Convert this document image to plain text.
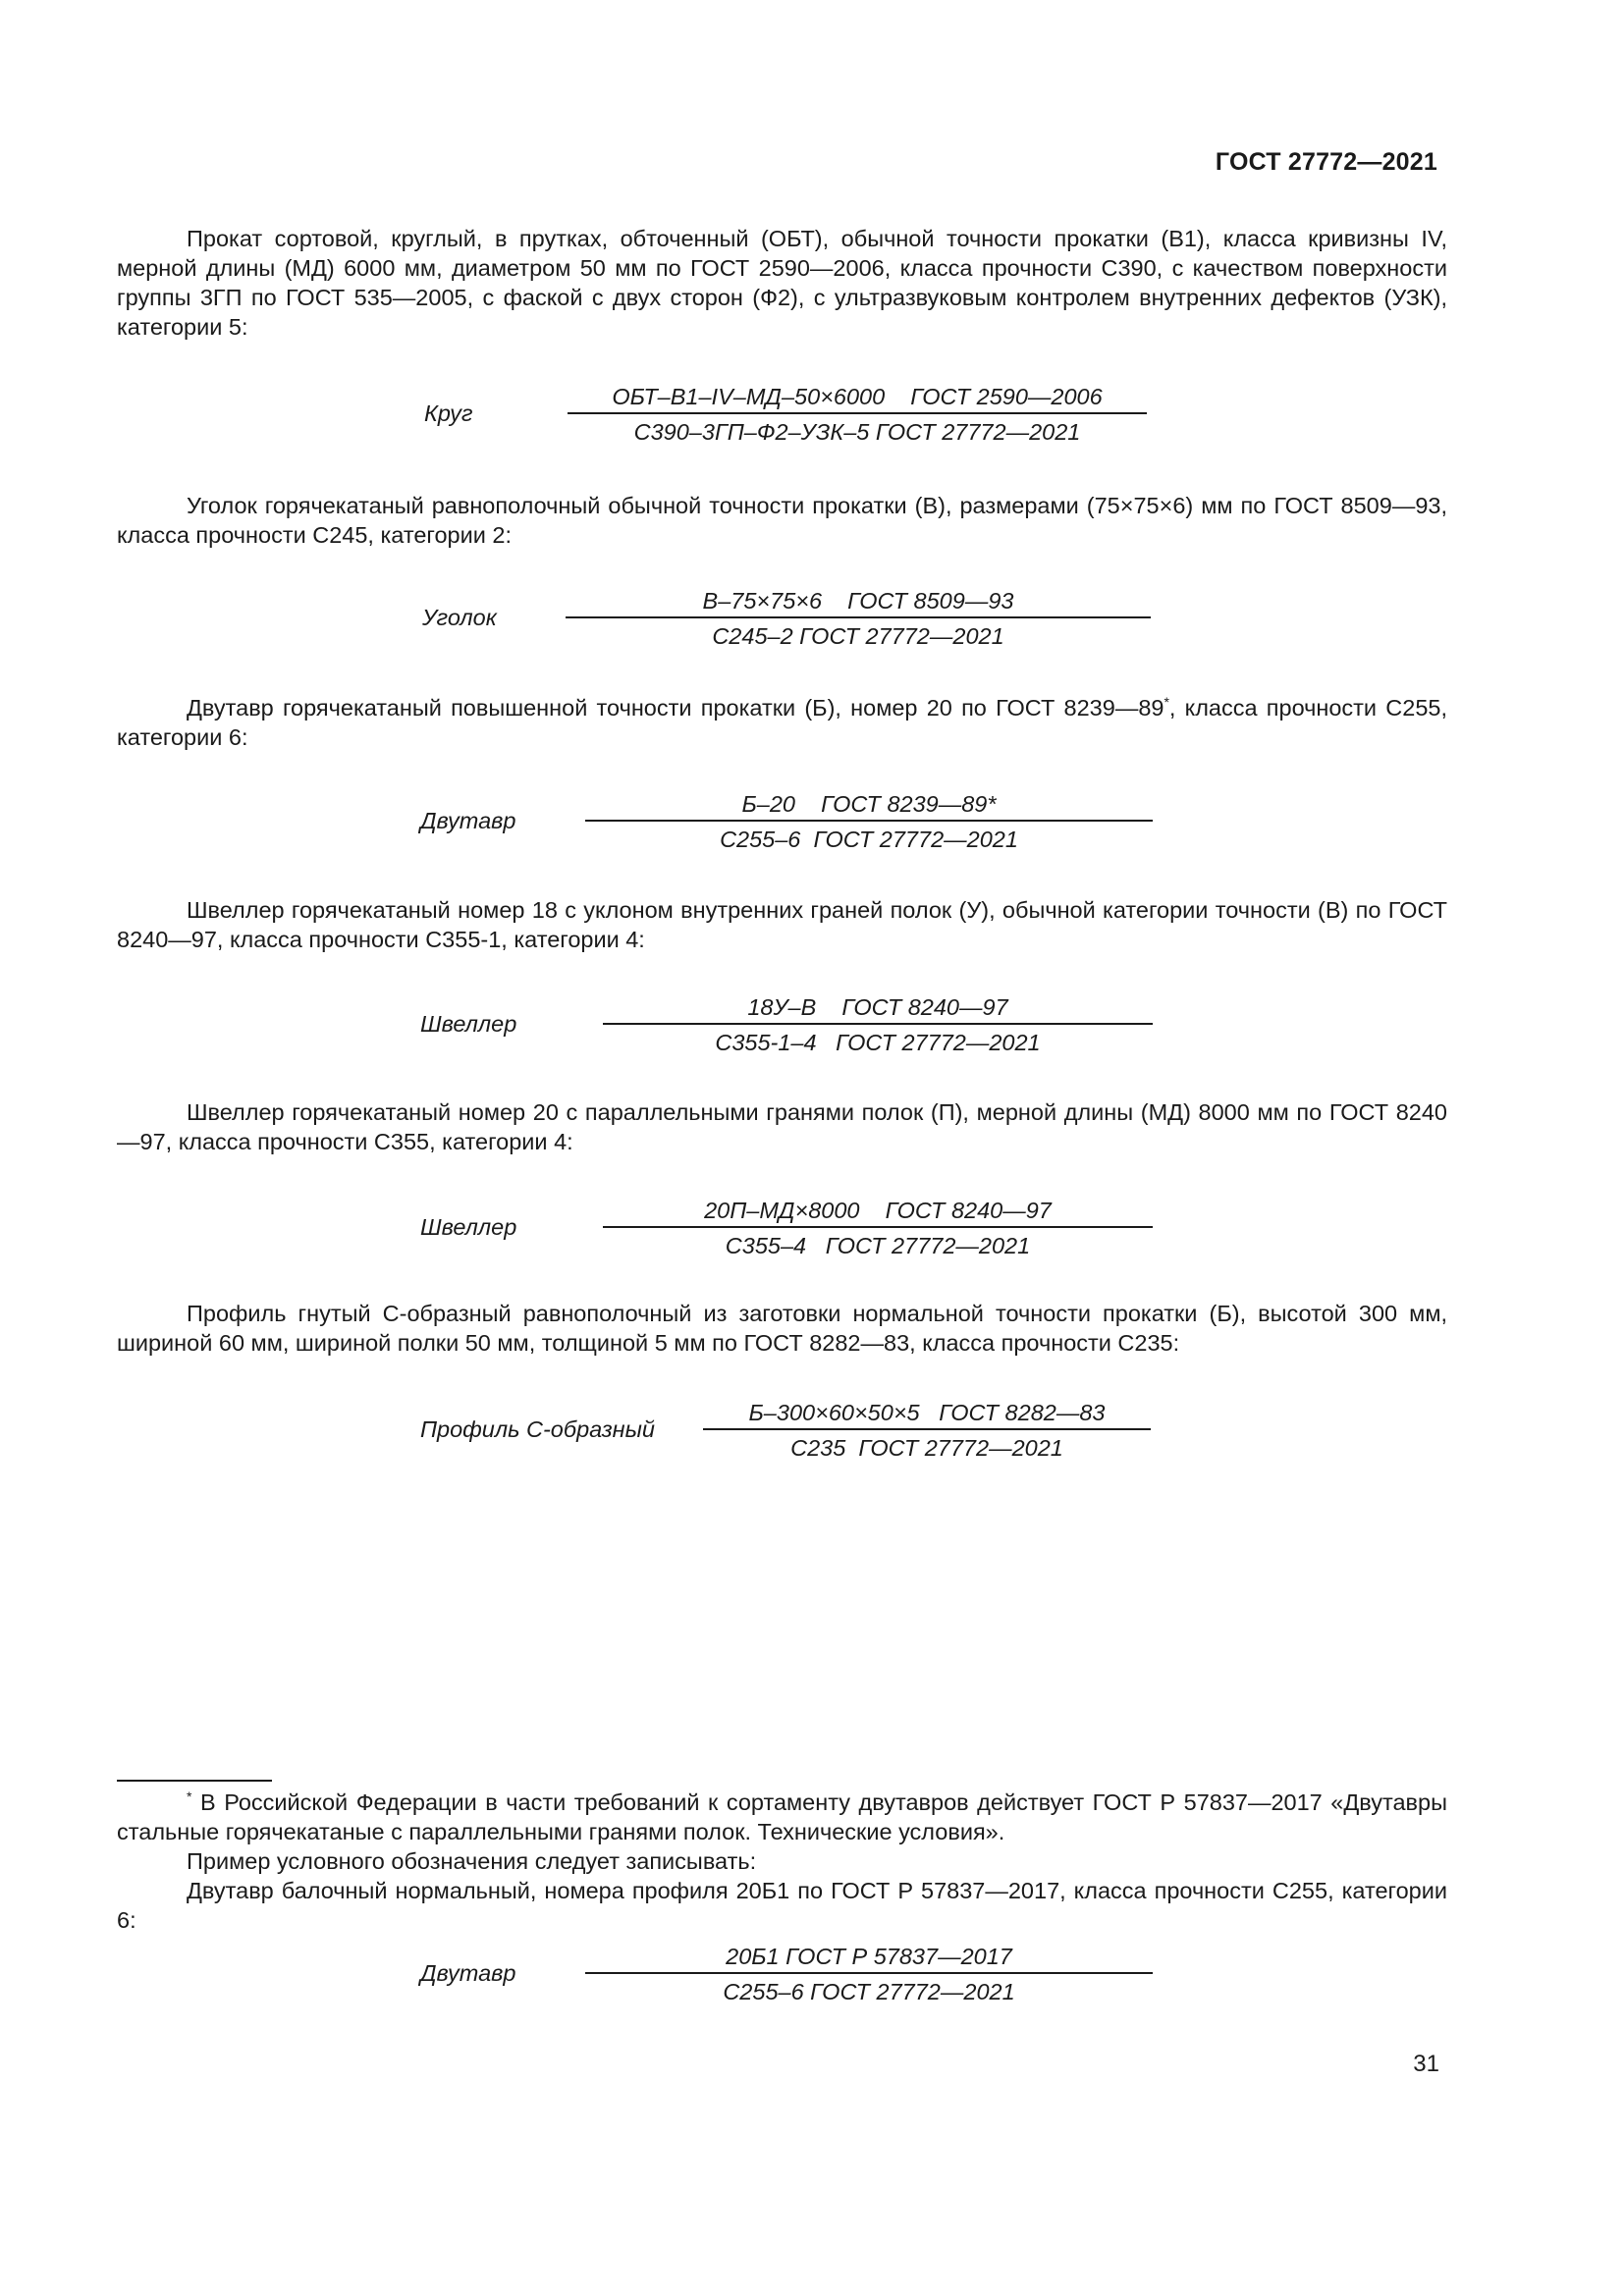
ГОСТ 27772—2021

Прокат сортовой, круглый, в прутках, обточенный (ОБТ), обычной точности прокатки (В1), класса кривизны IV, мерной длины (МД) 6000 мм, диаметром 50 мм по ГОСТ 2590—2006, класса прочности С390, с качеством поверхности группы 3ГП по ГОСТ 535—2005, с фаской с двух сторон (Ф2), с ультразвуковым контролем внутренних дефектов (УЗК), категории 5:

Круг
ОБТ–В1–IV–МД–50×6000    ГОСТ 2590—2006
С390–3ГП–Ф2–УЗК–5 ГОСТ 27772—2021

Уголок горячекатаный равнополочный обычной точности прокатки (В), размерами (75×75×6) мм по ГОСТ 8509—93, класса прочности С245, категории 2:

Уголок
В–75×75×6    ГОСТ 8509—93
С245–2 ГОСТ 27772—2021

Двутавр горячекатаный повышенной точности прокатки (Б), номер 20 по ГОСТ 8239—89*, класса прочности С255, категории 6:

Двутавр
Б–20    ГОСТ 8239—89*
С255–6  ГОСТ 27772—2021

Швеллер горячекатаный номер 18 с уклоном внутренних граней полок (У), обычной категории точности (В) по ГОСТ 8240—97, класса прочности С355-1, категории 4:

Швеллер
18У–В    ГОСТ 8240—97
С355-1–4   ГОСТ 27772—2021

Швеллер горячекатаный номер 20 с параллельными гранями полок (П), мерной длины (МД) 8000 мм по ГОСТ 8240—97, класса прочности С355, категории 4:

Швеллер
20П–МД×8000    ГОСТ 8240—97
С355–4   ГОСТ 27772—2021

Профиль гнутый С-образный равнополочный из заготовки нормальной точности прокатки (Б), высотой 300 мм, шириной 60 мм, шириной полки 50 мм, толщиной 5 мм по ГОСТ 8282—83, класса прочности С235:

Профиль С-образный
Б–300×60×50×5   ГОСТ 8282—83
С235  ГОСТ 27772—2021

* В Российской Федерации в части требований к сортаменту двутавров действует ГОСТ Р 57837—2017 «Двутавры стальные горячекатаные с параллельными гранями полок. Технические условия».

Пример условного обозначения следует записывать:

Двутавр балочный нормальный, номера профиля 20Б1 по ГОСТ Р 57837—2017, класса прочности С255, категории 6:

Двутавр
20Б1 ГОСТ Р 57837—2017
С255–6 ГОСТ 27772—2021
31
